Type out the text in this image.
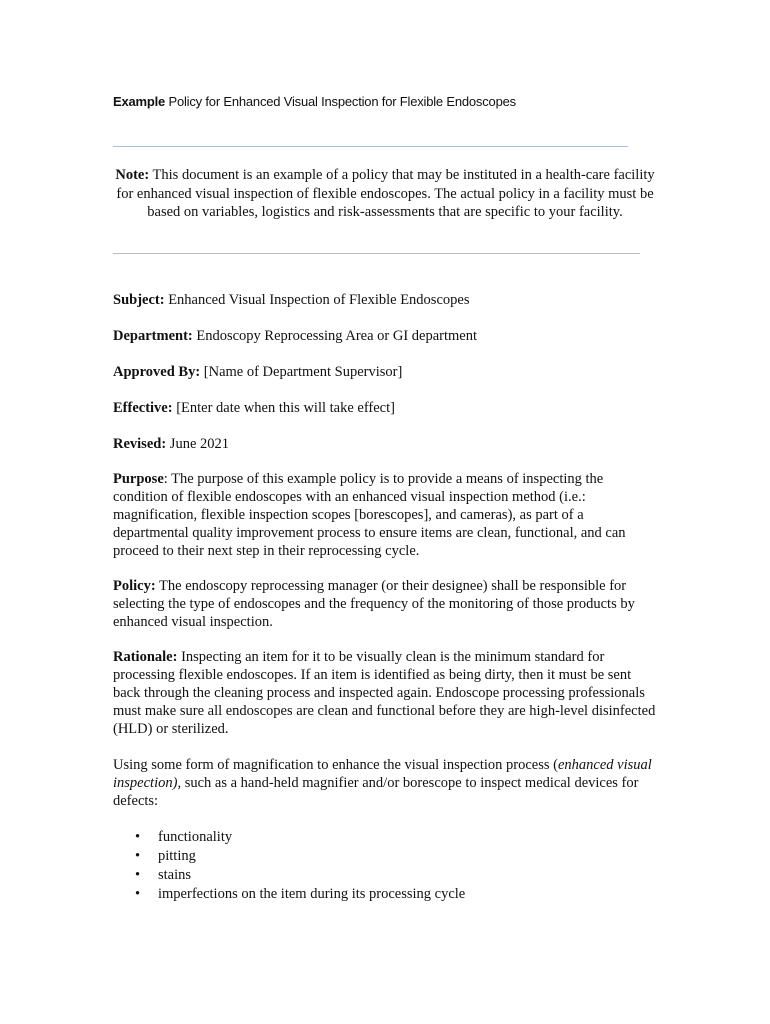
Example Policy for Enhanced Visual Inspection for Flexible Endoscopes
Note: This document is an example of a policy that may be instituted in a health-care facility for enhanced visual inspection of flexible endoscopes. The actual policy in a facility must be based on variables, logistics and risk-assessments that are specific to your facility.
Subject: Enhanced Visual Inspection of Flexible Endoscopes
Department: Endoscopy Reprocessing Area or GI department
Approved By: [Name of Department Supervisor]
Effective: [Enter date when this will take effect]
Revised: June 2021
Purpose: The purpose of this example policy is to provide a means of inspecting the condition of flexible endoscopes with an enhanced visual inspection method (i.e.: magnification, flexible inspection scopes [borescopes], and cameras), as part of a departmental quality improvement process to ensure items are clean, functional, and can proceed to their next step in their reprocessing cycle.
Policy: The endoscopy reprocessing manager (or their designee) shall be responsible for selecting the type of endoscopes and the frequency of the monitoring of those products by enhanced visual inspection.
Rationale: Inspecting an item for it to be visually clean is the minimum standard for processing flexible endoscopes. If an item is identified as being dirty, then it must be sent back through the cleaning process and inspected again. Endoscope processing professionals must make sure all endoscopes are clean and functional before they are high-level disinfected (HLD) or sterilized.
Using some form of magnification to enhance the visual inspection process (enhanced visual inspection), such as a hand-held magnifier and/or borescope to inspect medical devices for defects:
• functionality
• pitting
• stains
• imperfections on the item during its processing cycle
